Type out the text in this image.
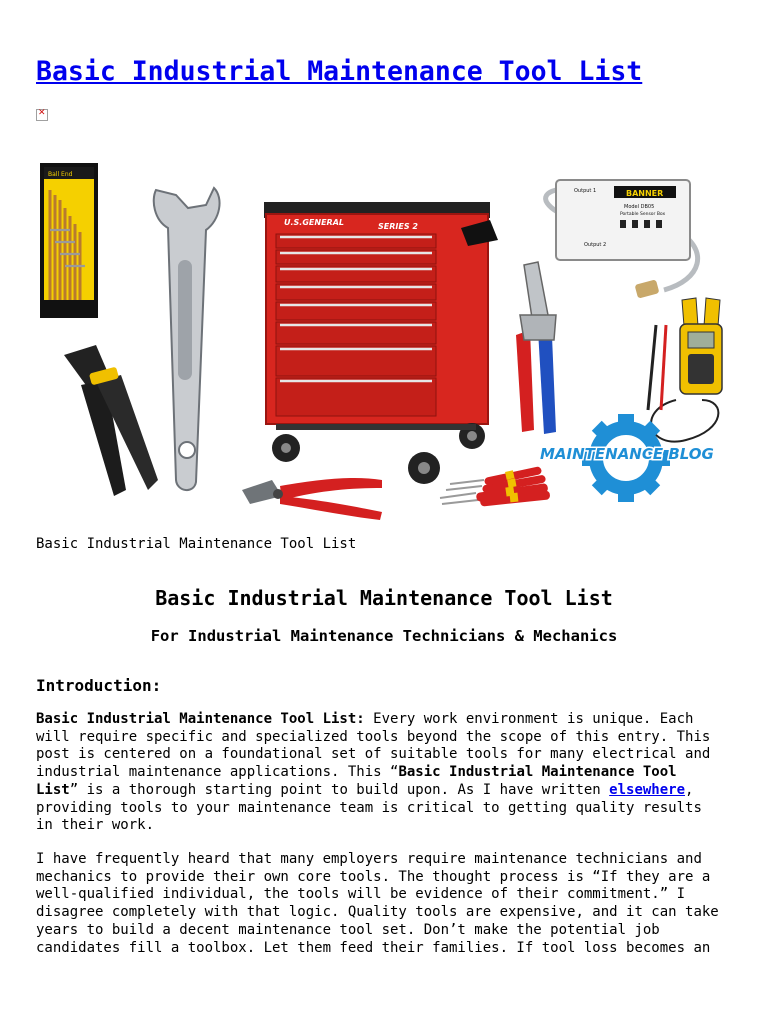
Basic Industrial Maintenance Tool List
✕
Ball End
U.S.GENERAL	SERIES 2
BANNER
Model DB05
Portable Sensor Box
Output 1
Output 2
MAINTENANCE BLOG
Basic Industrial Maintenance Tool List
Basic Industrial Maintenance Tool List
For Industrial Maintenance Technicians & Mechanics
Introduction:

Basic Industrial Maintenance Tool List: Every work environment is unique. Each
will require specific and specialized tools beyond the scope of this entry. This
post is centered on a foundational set of suitable tools for many electrical and
industrial maintenance applications. This “Basic Industrial Maintenance Tool
List” is a thorough starting point to build upon. As I have written elsewhere,
providing tools to your maintenance team is critical to getting quality results
in their work.

I have frequently heard that many employers require maintenance technicians and
mechanics to provide their own core tools. The thought process is “If they are a
well-qualified individual, the tools will be evidence of their commitment.” I
disagree completely with that logic. Quality tools are expensive, and it can take
years to build a decent maintenance tool set. Don’t make the potential job
candidates fill a toolbox. Let them feed their families. If tool loss becomes an
